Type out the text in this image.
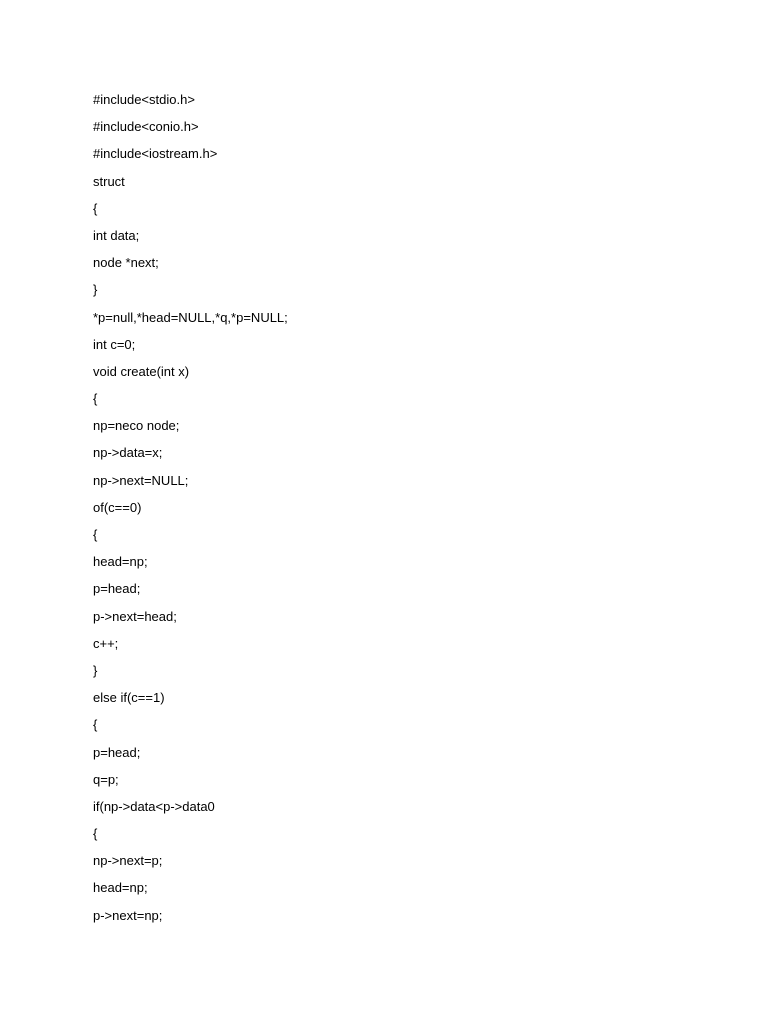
#include<stdio.h>
#include<conio.h>
#include<iostream.h>
struct
{
int data;
node *next;
}
*p=null,*head=NULL,*q,*p=NULL;
int c=0;
void create(int x)
{
np=neco node;
np->data=x;
np->next=NULL;
of(c==0)
{
head=np;
p=head;
p->next=head;
c++;
}
else if(c==1)
{
p=head;
q=p;
if(np->data<p->data0
{
np->next=p;
head=np;
p->next=np;
